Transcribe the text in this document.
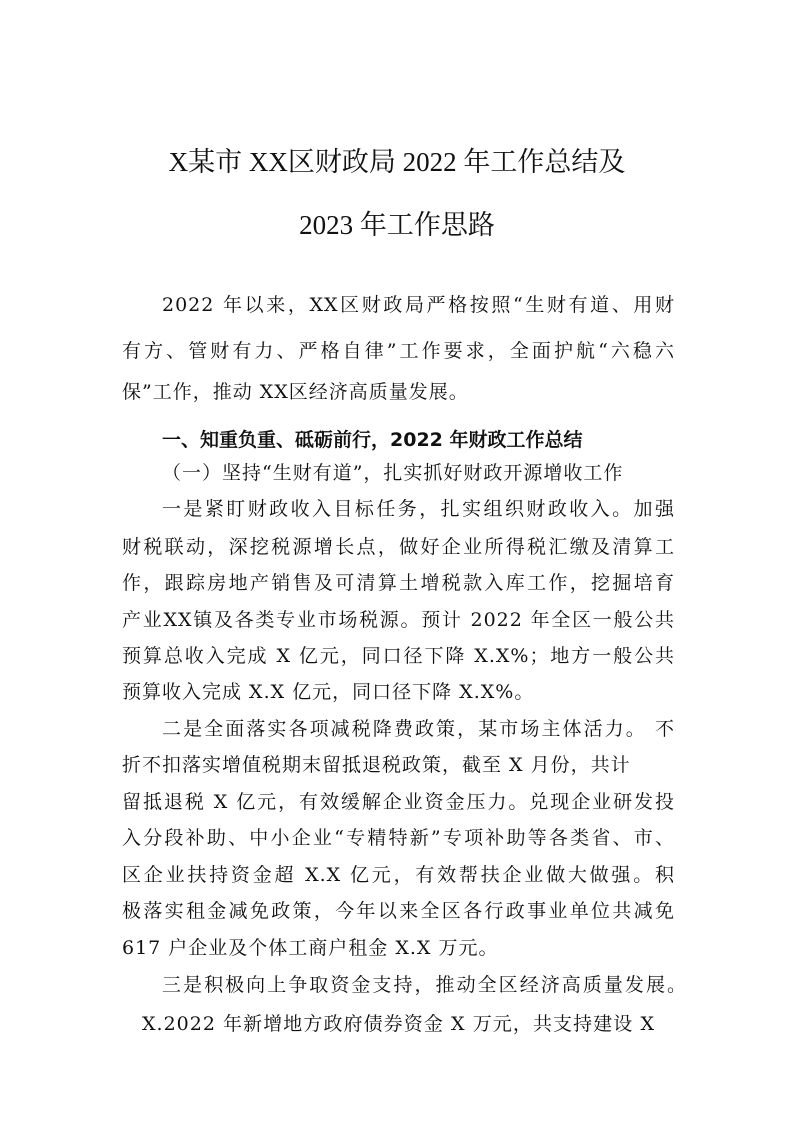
X某市 XX区财政局 2022 年工作总结及
2023 年工作思路
2022 年以来，XX区财政局严格按照“生财有道、用财
有方、管财有力、严格自律”工作要求，全面护航“六稳六
保”工作，推动 XX区经济高质量发展。
一、知重负重、砥砺前行，2022 年财政工作总结
（一）坚持“生财有道”，扎实抓好财政开源增收工作
一是紧盯财政收入目标任务，扎实组织财政收入。加强
财税联动，深挖税源增长点，做好企业所得税汇缴及清算工
作，跟踪房地产销售及可清算土增税款入库工作，挖掘培育
产业XX镇及各类专业市场税源。预计 2022 年全区一般公共
预算总收入完成 X 亿元，同口径下降 X.X%；地方一般公共
预算收入完成 X.X 亿元，同口径下降 X.X%。
二是全面落实各项减税降费政策，某市场主体活力。 不
折不扣落实增值税期末留抵退税政策，截至 X 月份，共计
留抵退税 X 亿元，有效缓解企业资金压力。兑现企业研发投
入分段补助、中小企业“专精特新”专项补助等各类省、市、
区企业扶持资金超 X.X 亿元，有效帮扶企业做大做强。积
极落实租金减免政策，今年以来全区各行政事业单位共减免
617 户企业及个体工商户租金 X.X 万元。
三是积极向上争取资金支持，推动全区经济高质量发展。
X.2022 年新增地方政府债券资金 X 万元，共支持建设 X
